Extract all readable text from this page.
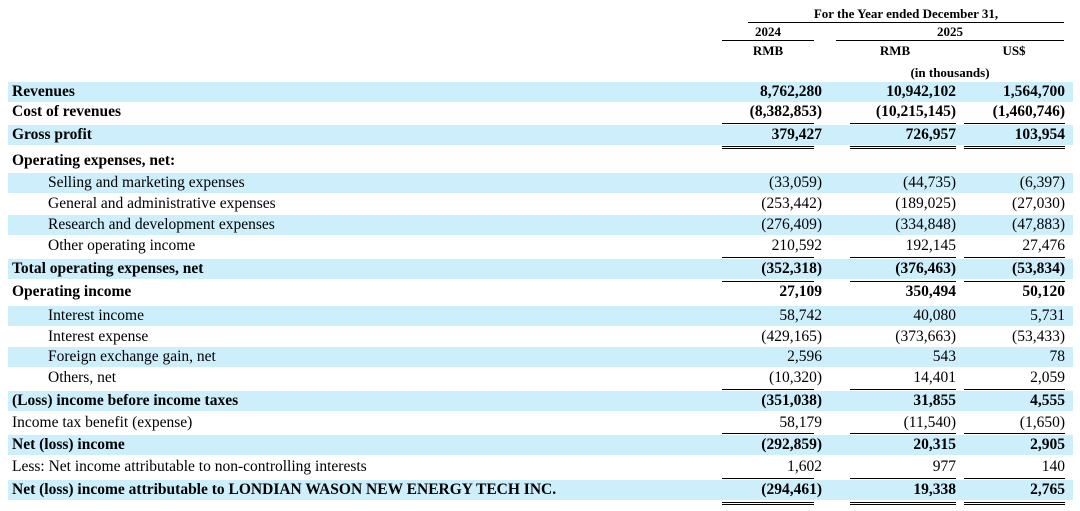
For the Year ended December 31,
2024	2025
RMB	RMB	US$
(in thousands)
Revenues	8,762,280	10,942,102	1,564,700
Cost of revenues	(8,382,853)	(10,215,145)	(1,460,746)
Gross profit	379,427	726,957	103,954
Operating expenses, net:
Selling and marketing expenses	(33,059)	(44,735)	(6,397)
General and administrative expenses	(253,442)	(189,025)	(27,030)
Research and development expenses	(276,409)	(334,848)	(47,883)
Other operating income	210,592	192,145	27,476
Total operating expenses, net	(352,318)	(376,463)	(53,834)
Operating income	27,109	350,494	50,120
Interest income	58,742	40,080	5,731
Interest expense	(429,165)	(373,663)	(53,433)
Foreign exchange gain, net	2,596	543	78
Others, net	(10,320)	14,401	2,059
(Loss) income before income taxes	(351,038)	31,855	4,555
Income tax benefit (expense)	58,179	(11,540)	(1,650)
Net (loss) income	(292,859)	20,315	2,905
Less: Net income attributable to non-controlling interests	1,602	977	140
Net (loss) income attributable to LONDIAN WASON NEW ENERGY TECH INC.	(294,461)	19,338	2,765
